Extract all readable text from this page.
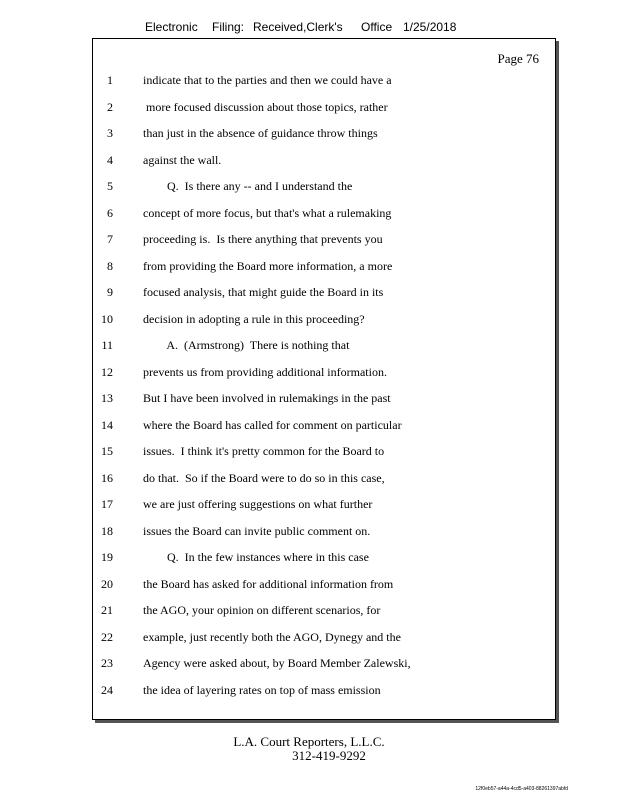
Electronic Filing: Received,Clerk's Office 1/25/2018
Page 76
1	indicate that to the parties and then we could have a
2	more focused discussion about those topics, rather
3	than just in the absence of guidance throw things
4	against the wall.
5	Q.  Is there any -- and I understand the
6	concept of more focus, but that's what a rulemaking
7	proceeding is.  Is there anything that prevents you
8	from providing the Board more information, a more
9	focused analysis, that might guide the Board in its
10	decision in adopting a rule in this proceeding?
11	A.  (Armstrong)  There is nothing that
12	prevents us from providing additional information.
13	But I have been involved in rulemakings in the past
14	where the Board has called for comment on particular
15	issues.  I think it's pretty common for the Board to
16	do that.  So if the Board were to do so in this case,
17	we are just offering suggestions on what further
18	issues the Board can invite public comment on.
19	Q.  In the few instances where in this case
20	the Board has asked for additional information from
21	the AGO, your opinion on different scenarios, for
22	example, just recently both the AGO, Dynegy and the
23	Agency were asked about, by Board Member Zalewski,
24	the idea of layering rates on top of mass emission
L.A. Court Reporters, L.L.C.
312-419-9292
12f0eb57-a44a-4cd5-a403-88261397abfd
